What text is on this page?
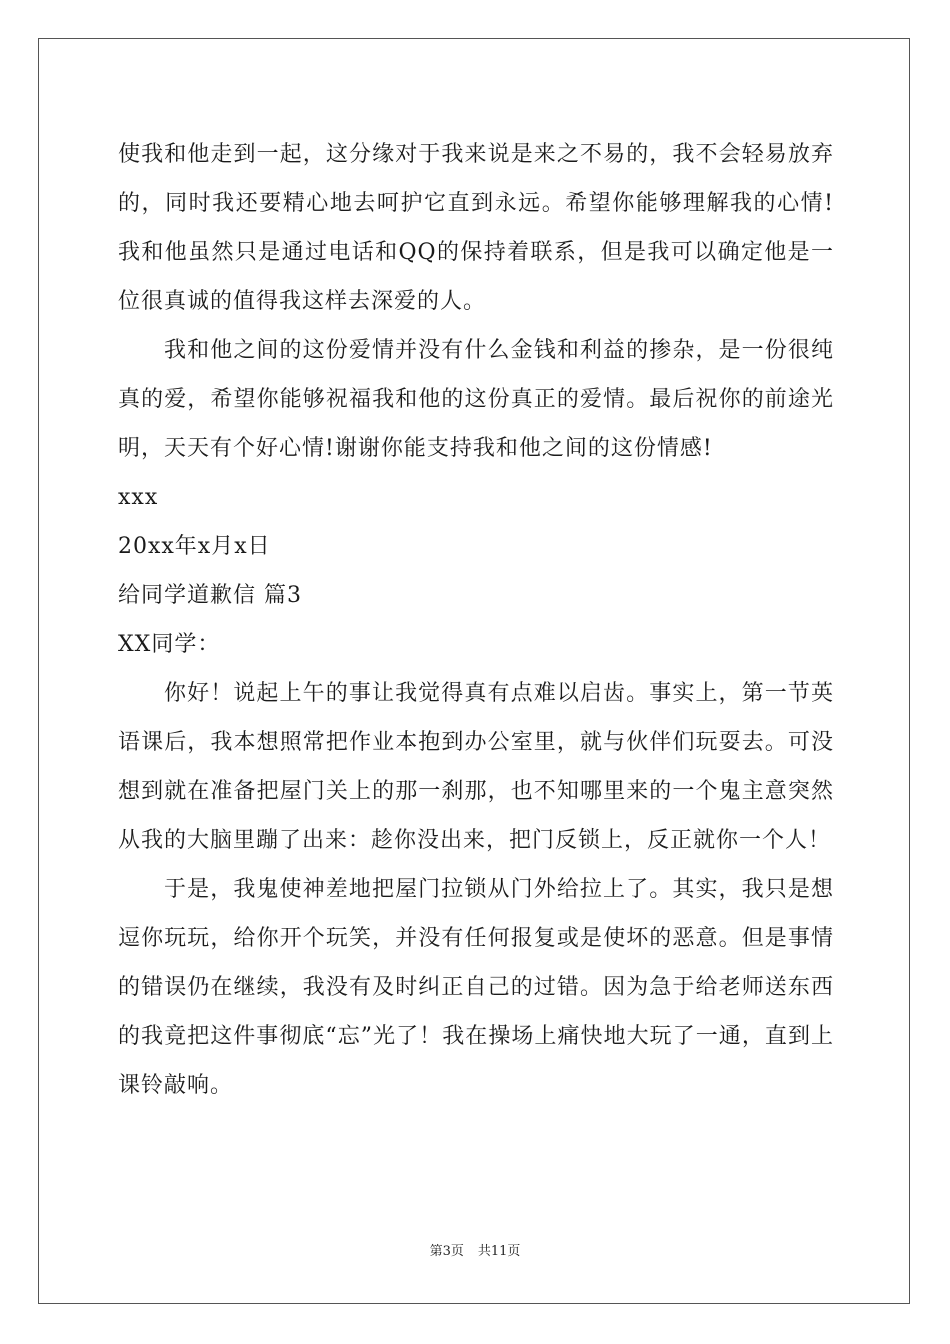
使我和他走到一起，这分缘对于我来说是来之不易的，我不会轻易放弃的，同时我还要精心地去呵护它直到永远。希望你能够理解我的心情!我和他虽然只是通过电话和QQ的保持着联系，但是我可以确定他是一位很真诚的值得我这样去深爱的人。

我和他之间的这份爱情并没有什么金钱和利益的掺杂，是一份很纯真的爱，希望你能够祝福我和他的这份真正的爱情。最后祝你的前途光明，天天有个好心情!谢谢你能支持我和他之间的这份情感!

xxx

20xx年x月x日

给同学道歉信 篇3

XX同学：

你好！说起上午的事让我觉得真有点难以启齿。事实上，第一节英语课后，我本想照常把作业本抱到办公室里，就与伙伴们玩耍去。可没想到就在准备把屋门关上的那一刹那，也不知哪里来的一个鬼主意突然从我的大脑里蹦了出来：趁你没出来，把门反锁上，反正就你一个人！

于是，我鬼使神差地把屋门拉锁从门外给拉上了。其实，我只是想逗你玩玩，给你开个玩笑，并没有任何报复或是使坏的恶意。但是事情的错误仍在继续，我没有及时纠正自己的过错。因为急于给老师送东西的我竟把这件事彻底“忘”光了！我在操场上痛快地大玩了一通，直到上课铃敲响。

第3页 共11页
